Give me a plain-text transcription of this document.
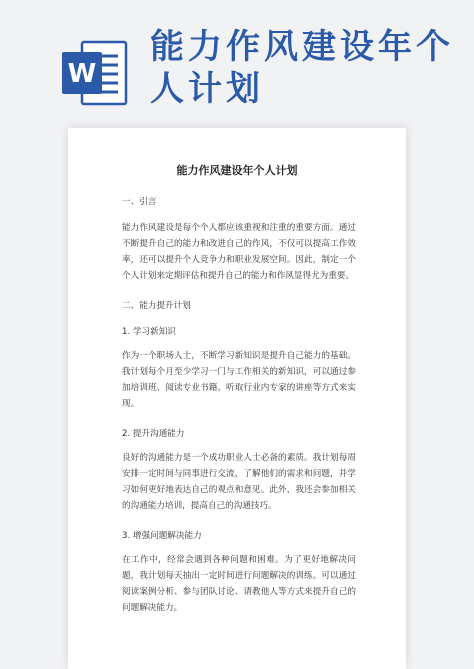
W
能力作风建设年个人计划
能力作风建设年个人计划

一、引言

能力作风建设是每个个人都应该重视和注重的重要方面。通过不断提升自己的能力和改进自己的作风，不仅可以提高工作效率，还可以提升个人竞争力和职业发展空间。因此，制定一个个人计划来定期评估和提升自己的能力和作风显得尤为重要。

二、能力提升计划

1. 学习新知识

作为一个职场人士，不断学习新知识是提升自己能力的基础。我计划每个月至少学习一门与工作相关的新知识，可以通过参加培训班、阅读专业书籍、听取行业内专家的讲座等方式来实现。

2. 提升沟通能力

良好的沟通能力是一个成功职业人士必备的素质。我计划每周安排一定时间与同事进行交流，了解他们的需求和问题，并学习如何更好地表达自己的观点和意见。此外，我还会参加相关的沟通能力培训，提高自己的沟通技巧。

3. 增强问题解决能力

在工作中，经常会遇到各种问题和困难。为了更好地解决问题，我计划每天抽出一定时间进行问题解决的训练。可以通过阅读案例分析、参与团队讨论、请教他人等方式来提升自己的问题解决能力。
